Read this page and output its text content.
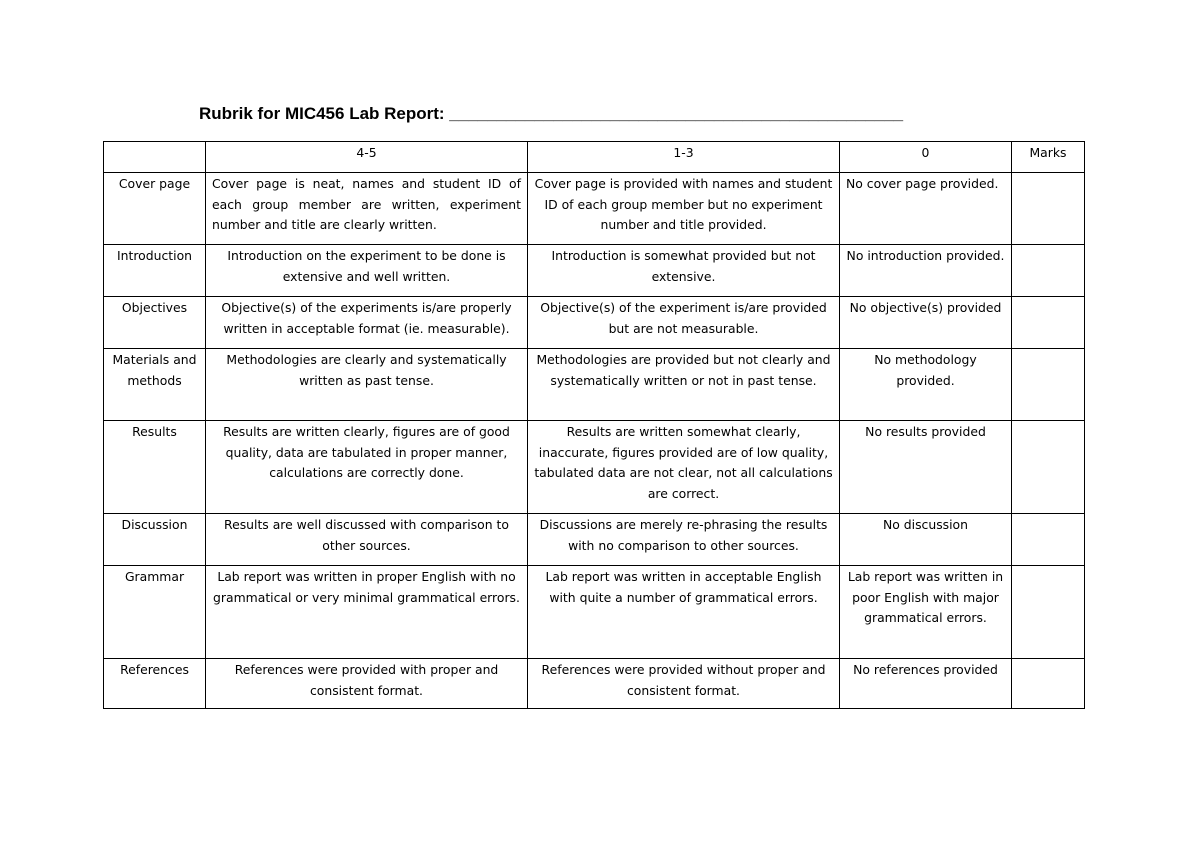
Rubrik for MIC456 Lab Report: ________________________________________________
	4-5	1-3	0	Marks
Cover page	Cover page is neat, names and student ID of each group member are written, experiment number and title are clearly written.	Cover page is provided with names and student ID of each group member but no experiment number and title provided.	No cover page provided.	
Introduction	Introduction on the experiment to be done is extensive and well written.	Introduction is somewhat provided but not extensive.	No introduction provided.	
Objectives	Objective(s) of the experiments is/are properly written in acceptable format (ie. measurable).	Objective(s) of the experiment is/are provided but are not measurable.	No objective(s) provided	
Materials and methods	Methodologies are clearly and systematically written as past tense.	Methodologies are provided but not clearly and systematically written or not in past tense.	No methodology provided.	
Results	Results are written clearly, figures are of good quality, data are tabulated in proper manner, calculations are correctly done.	Results are written somewhat clearly, inaccurate, figures provided are of low quality, tabulated data are not clear, not all calculations are correct.	No results provided	
Discussion	Results are well discussed with comparison to other sources.	Discussions are merely re-phrasing the results with no comparison to other sources.	No discussion	
Grammar	Lab report was written in proper English with no grammatical or very minimal grammatical errors.	Lab report was written in acceptable English with quite a number of grammatical errors.	Lab report was written in poor English with major grammatical errors.	
References	References were provided with proper and consistent format.	References were provided without proper and consistent format.	No references provided	
